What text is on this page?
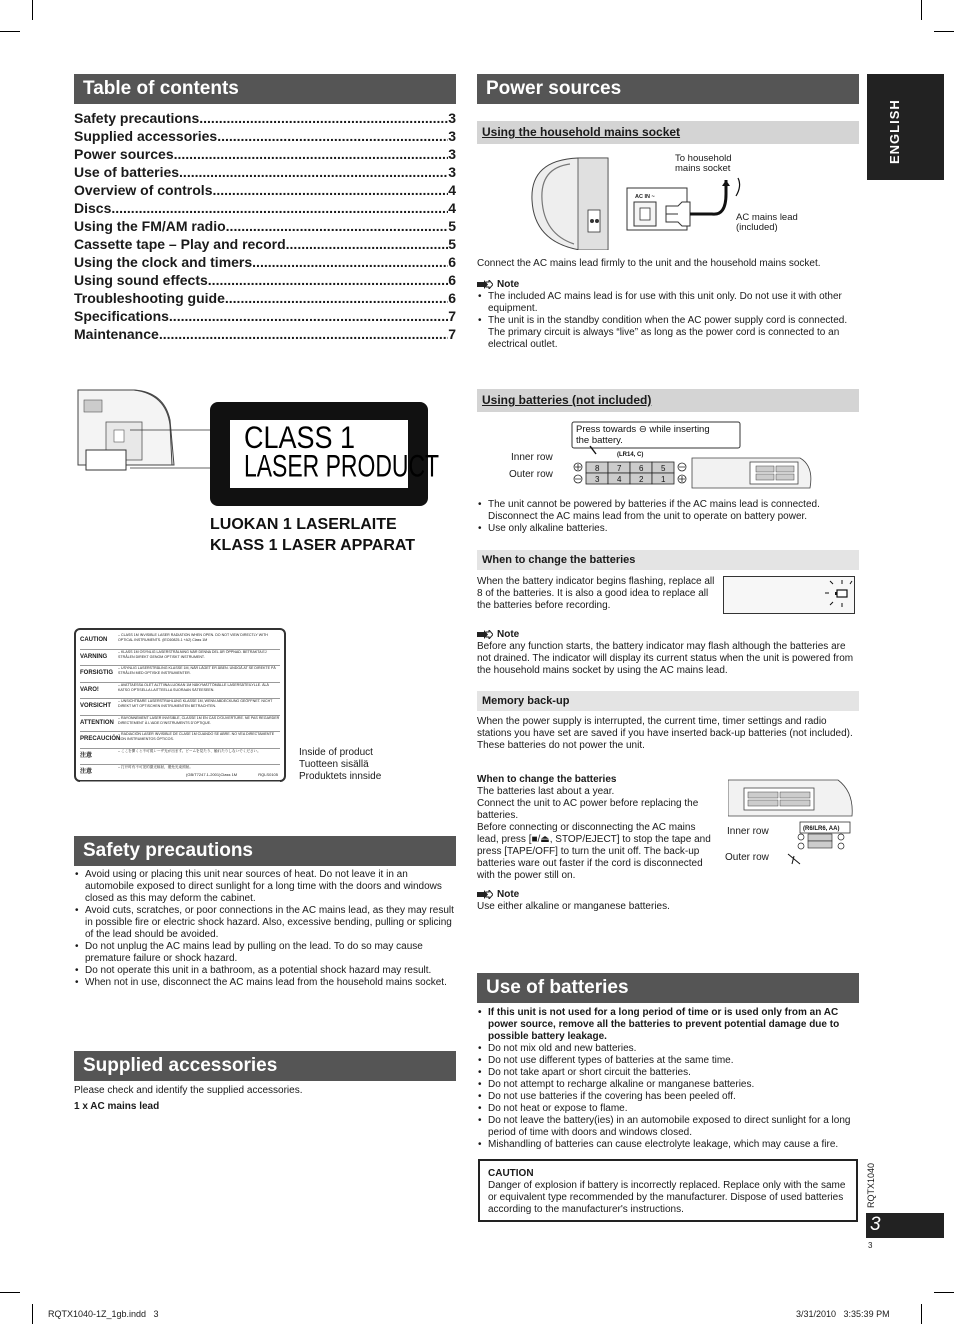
Table of contents
Safety precautions .....	3
Supplied accessories .....	3
Power sources .....	3
Use of batteries .....	3
Overview of controls .....	4
Discs .....	4
Using the FM/AM radio .....	5
Cassette tape – Play and record .....	5
Using the clock and timers .....	6
Using sound effects .....	6
Troubleshooting guide .....	6
Specifications .....	7
Maintenance .....	7
CLASS 1
LASER PRODUCT
LUOKAN 1 LASERLAITE
KLASS 1 LASER APPARAT
CAUTION
– CLASS 1M INVISIBLE LASER RADIATION WHEN OPEN. DO NOT VIEW DIRECTLY WITH OPTICAL INSTRUMENTS. (IEC60825-1 +A2) Class 1M
VARNING
– KLASS 1M OSYNLIG LASERSTRÅLNING NÄR DENNA DEL ÄR ÖPPNAD. BETRAKTA EJ STRÅLEN DIREKT GENOM OPTISKT INSTRUMENT.
FORSIGTIG
– USYNLIG LASERSTRÅLING KLASSE 1M, NÅR LÅGET ER ÅBEN. UNDGÅ AT SE DIREKTE PÅ STRÅLEN MED OPTISKE INSTRUMENTER.
VARO!
– AVATTAESSA OLET ALTTIINA LUOKAN 1M NÄKYMÄTTÖMÄLLE LASERSÄTEILYLLE. ÄLÄ KATSO OPTISELLA LAITTEELLA SUORAAN SÄTEESEEN.
VORSICHT
– UNSICHTBARE LASERSTRAHLUNG KLASSE 1M, WENN ABDECKUNG GEÖFFNET. NICHT DIREKT MIT OPTISCHEN INSTRUMENTEN BETRACHTEN.
ATTENTION
– RAYONNEMENT LASER INVISIBLE, CLASSE 1M EN CAS D'OUVERTURE. NE PAS REGARDER DIRECTEMENT À L'AIDE D'INSTRUMENTS D'OPTIQUE.
PRECAUCIÓN
– RADIACIÓN LASER INVISIBLE DE CLASE 1M CUANDO SE ABRE. NO VEA DIRECTAMENTE CON INSTRUMENTOS ÓPTICOS.
注意
– ここを開くと不可視レーザ光が出ます。ビームを見たり、触れたりしないでください。
注意
– 打开时有不可见的激光辐射，避免光束照射。
(GB/T7247.1-2001)Class 1M	RQLS0105

Inside of product

Tuotteen sisällä

Produktets innside

Safety precautions
• Avoid using or placing this unit near sources of heat. Do not leave it in an automobile exposed to direct sunlight for a long time with the doors and windows closed as this may deform the cabinet.
• Avoid cuts, scratches, or poor connections in the AC mains lead, as they may result in possible fire or electric shock hazard. Also, excessive bending, pulling or splicing of the lead should be avoided.
• Do not unplug the AC mains lead by pulling on the lead. To do so may cause premature failure or shock hazard.
• Do not operate this unit in a bathroom, as a potential shock hazard may result.
• When not in use, disconnect the AC mains lead from the household mains socket.
Supplied accessories

Please check and identify the supplied accessories.

1 x AC mains lead

Power sources
Using the household mains socket
AC IN ~

To household

mains socket

AC mains lead

(included)

Connect the AC mains lead firmly to the unit and the household mains socket.

Note
• The included AC mains lead is for use with this unit only. Do not use it with other equipment.
• The unit is in the standby condition when the AC power supply cord is connected. The primary circuit is always “live” as long as the power cord is connected to an electrical outlet.
Using batteries (not included)
Press towards ⊖ while inserting
the battery.
(LR14, C)
8 7 6 5
3 4 2 1
Inner row
Outer row
• The unit cannot be powered by batteries if the AC mains lead is connected. Disconnect the AC mains lead from the unit to operate on battery power.
• Use only alkaline batteries.
When to change the batteries
When the battery indicator begins flashing, replace all 8 of the batteries. It is also a good idea to replace all the batteries before recording.
Note

Before any function starts, the battery indicator may flash although the batteries are not drained. The indicator will display its current status when the unit is powered from the household mains socket by using the AC mains lead.

Memory back-up

When the power supply is interrupted, the current time, timer settings and radio stations you have set are saved if you have inserted back-up batteries (not included).

These batteries do not power the unit.

When to change the batteries

The batteries last about a year.

Connect the unit to AC power before replacing the batteries.

Before connecting or disconnecting the AC mains lead, press [■/⏏, STOP/EJECT] to stop the tape and press [TAPE/OFF] to turn the unit off. The back-up batteries ware out faster if the cord is disconnected with the power still on.

(R6/LR6, AA)
Inner row
Outer row
Note

Use either alkaline or manganese batteries.

Use of batteries
• If this unit is not used for a long period of time or is used only from an AC power source, remove all the batteries to prevent potential damage due to possible battery leakage.
• Do not mix old and new batteries.
• Do not use different types of batteries at the same time.
• Do not take apart or short circuit the batteries.
• Do not attempt to recharge alkaline or manganese batteries.
• Do not use batteries if the covering has been peeled off.
• Do not heat or expose to flame.
• Do not leave the battery(ies) in an automobile exposed to direct sunlight for a long period of time with doors and windows closed.
• Mishandling of batteries can cause electrolyte leakage, which may cause a fire.

CAUTION

Danger of explosion if battery is incorrectly replaced. Replace only with the same or equivalent type recommended by the manufacturer. Dispose of used batteries according to the manufacturer's instructions.

ENGLISH
RQTX1040
3
3
RQTX1040-1Z_1gb.indd   3	3/31/2010   3:35:39 PM
